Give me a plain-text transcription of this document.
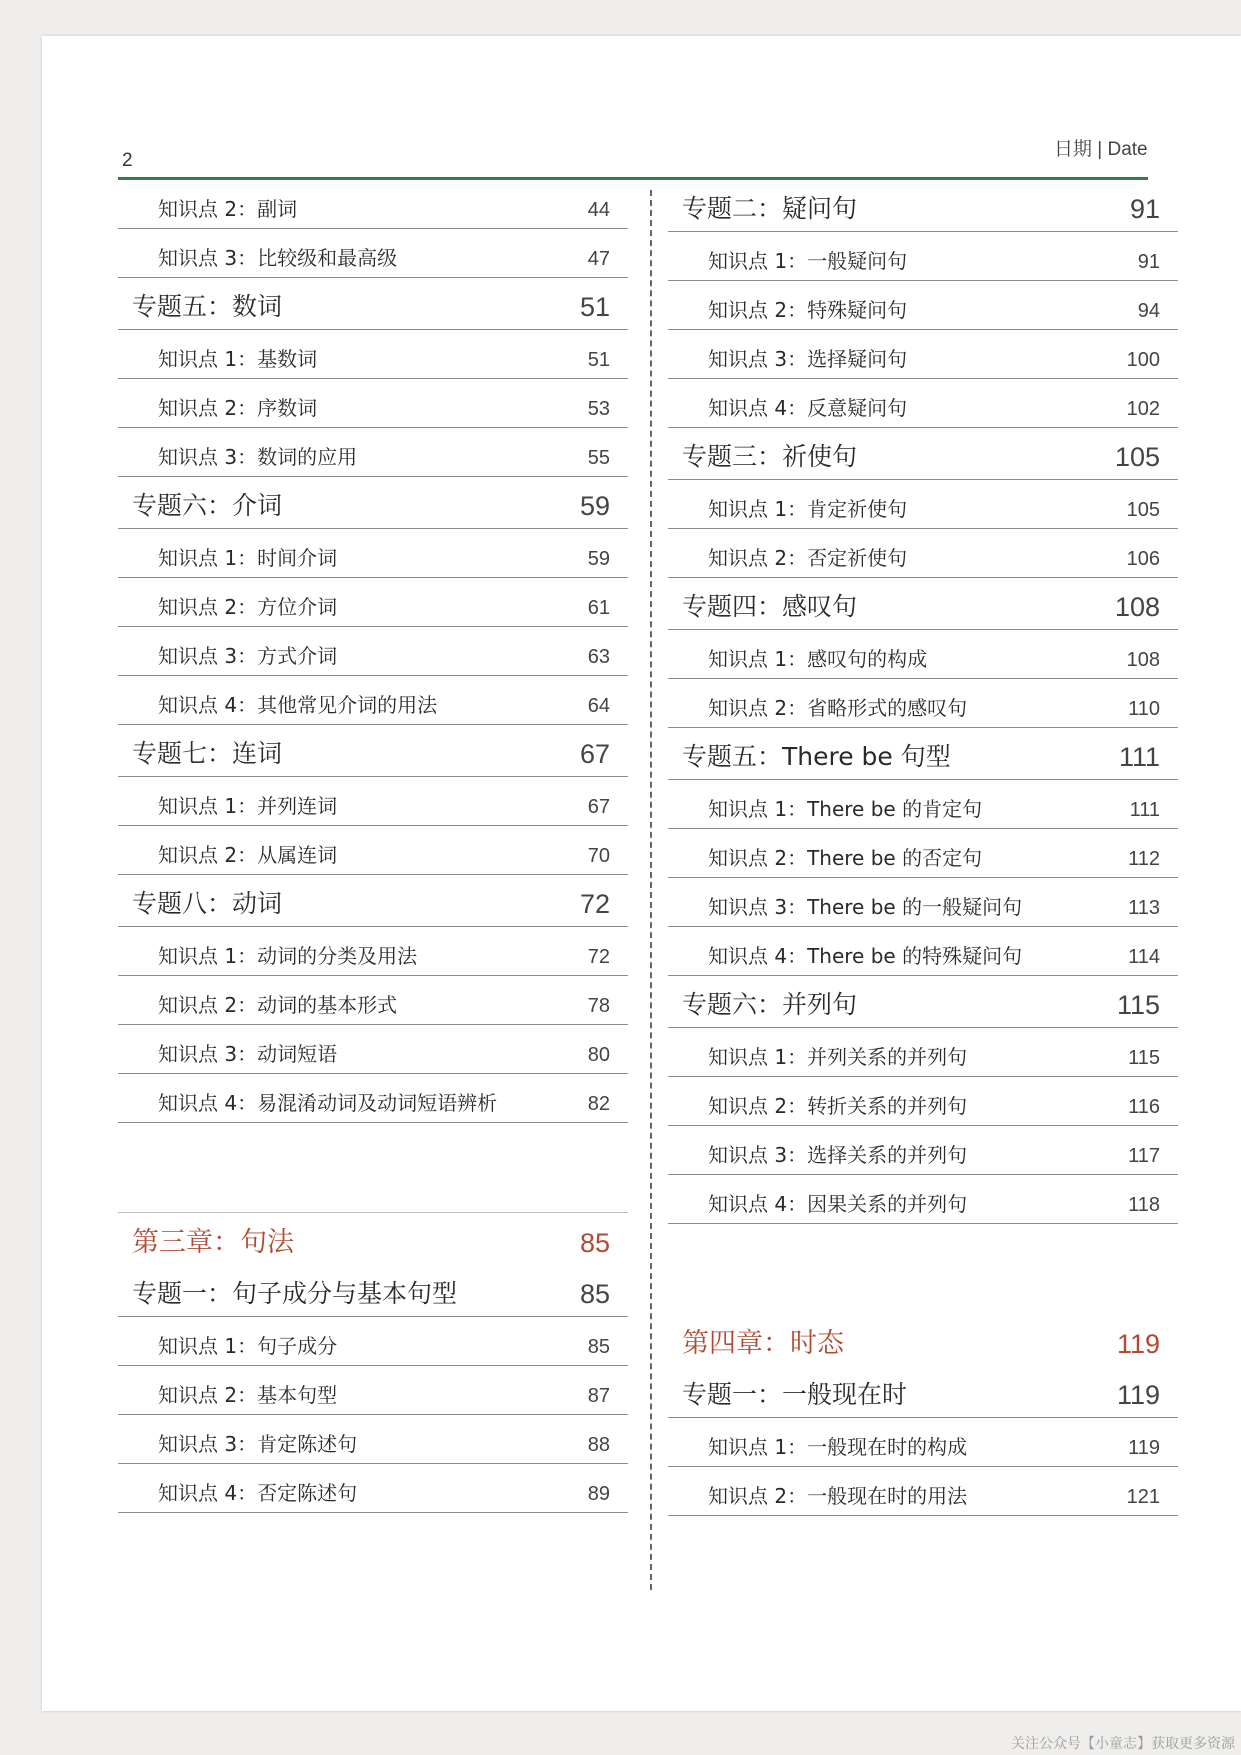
2
日期 | Date
知识点 2：副词	44
知识点 3：比较级和最高级	47
专题五：数词	51
知识点 1：基数词	51
知识点 2：序数词	53
知识点 3：数词的应用	55
专题六：介词	59
知识点 1：时间介词	59
知识点 2：方位介词	61
知识点 3：方式介词	63
知识点 4：其他常见介词的用法	64
专题七：连词	67
知识点 1：并列连词	67
知识点 2：从属连词	70
专题八：动词	72
知识点 1：动词的分类及用法	72
知识点 2：动词的基本形式	78
知识点 3：动词短语	80
知识点 4：易混淆动词及动词短语辨析	82
第三章：句法	85
专题一：句子成分与基本句型	85
知识点 1：句子成分	85
知识点 2：基本句型	87
知识点 3：肯定陈述句	88
知识点 4：否定陈述句	89
专题二：疑问句	91
知识点 1：一般疑问句	91
知识点 2：特殊疑问句	94
知识点 3：选择疑问句	100
知识点 4：反意疑问句	102
专题三：祈使句	105
知识点 1：肯定祈使句	105
知识点 2：否定祈使句	106
专题四：感叹句	108
知识点 1：感叹句的构成	108
知识点 2：省略形式的感叹句	110
专题五：There be 句型	111
知识点 1：There be 的肯定句	111
知识点 2：There be 的否定句	112
知识点 3：There be 的一般疑问句	113
知识点 4：There be 的特殊疑问句	114
专题六：并列句	115
知识点 1：并列关系的并列句	115
知识点 2：转折关系的并列句	116
知识点 3：选择关系的并列句	117
知识点 4：因果关系的并列句	118
第四章：时态	119
专题一：一般现在时	119
知识点 1：一般现在时的构成	119
知识点 2：一般现在时的用法	121
关注公众号【小童志】获取更多资源
